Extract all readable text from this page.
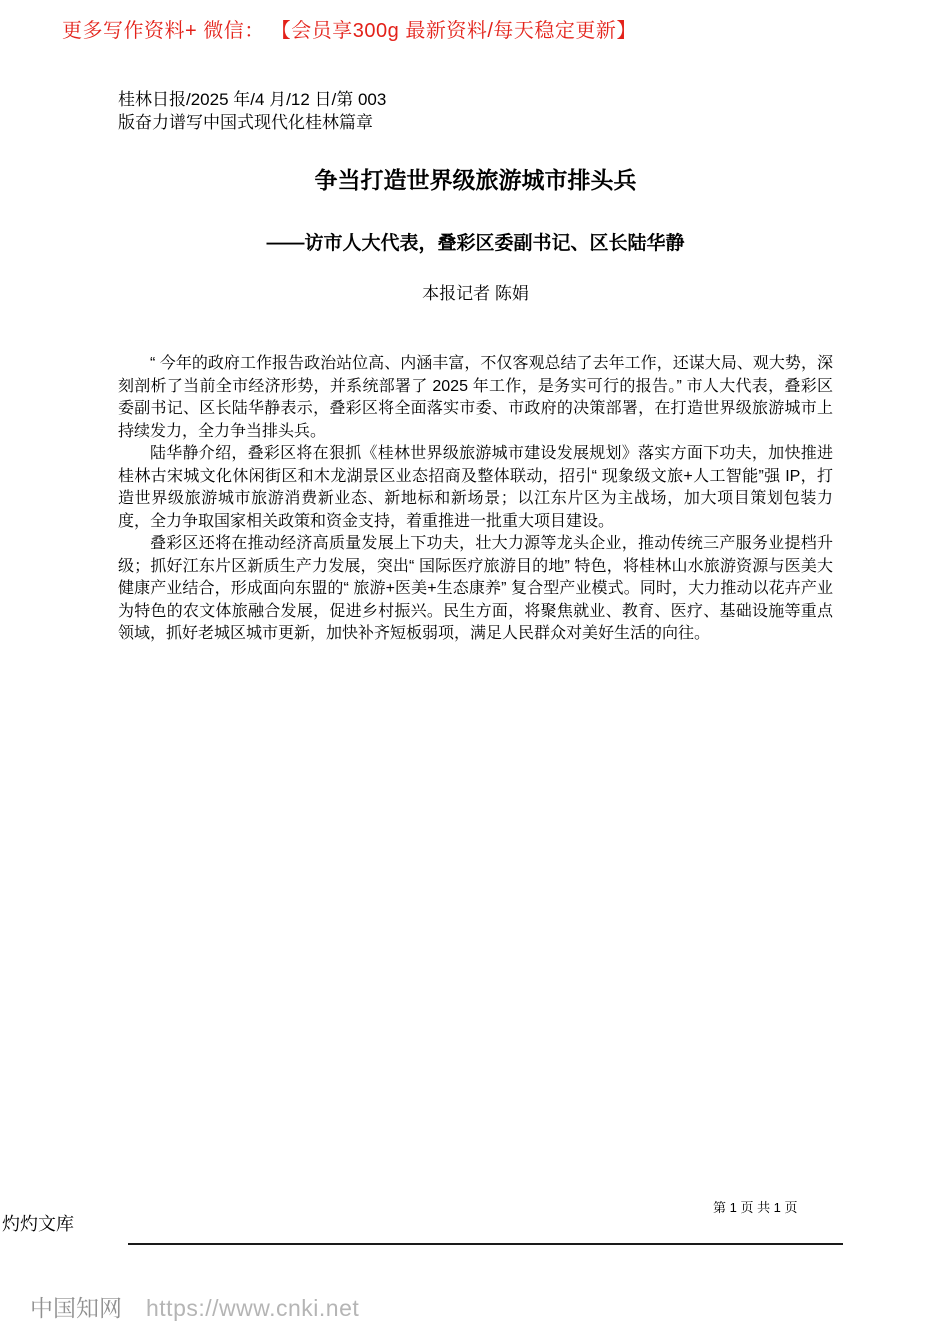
更多写作资料+ 微信： 【会员享300g 最新资料/每天稳定更新】
桂林日报/2025 年/4 月/12 日/第 003
版奋力谱写中国式现代化桂林篇章
争当打造世界级旅游城市排头兵
——访市人大代表，叠彩区委副书记、区长陆华静
本报记者 陈娟

“ 今年的政府工作报告政治站位高、内涵丰富，不仅客观总结了去年工作，还谋大局、观大势，深刻剖析了当前全市经济形势，并系统部署了 2025 年工作，是务实可行的报告。” 市人大代表，叠彩区委副书记、区长陆华静表示，叠彩区将全面落实市委、市政府的决策部署，在打造世界级旅游城市上持续发力，全力争当排头兵。

陆华静介绍，叠彩区将在狠抓《桂林世界级旅游城市建设发展规划》落实方面下功夫，加快推进桂林古宋城文化休闲街区和木龙湖景区业态招商及整体联动，招引“ 现象级文旅+人工智能”强 IP，打造世界级旅游城市旅游消费新业态、新地标和新场景；以江东片区为主战场，加大项目策划包装力度，全力争取国家相关政策和资金支持，着重推进一批重大项目建设。

叠彩区还将在推动经济高质量发展上下功夫，壮大力源等龙头企业，推动传统三产服务业提档升级；抓好江东片区新质生产力发展，突出“ 国际医疗旅游目的地” 特色，将桂林山水旅游资源与医美大健康产业结合，形成面向东盟的“ 旅游+医美+生态康养” 复合型产业模式。同时，大力推动以花卉产业为特色的农文体旅融合发展，促进乡村振兴。民生方面，将聚焦就业、教育、医疗、基础设施等重点领域，抓好老城区城市更新，加快补齐短板弱项，满足人民群众对美好生活的向往。

第 1 页 共 1 页
灼灼文库
中国知网 https://www.cnki.net
